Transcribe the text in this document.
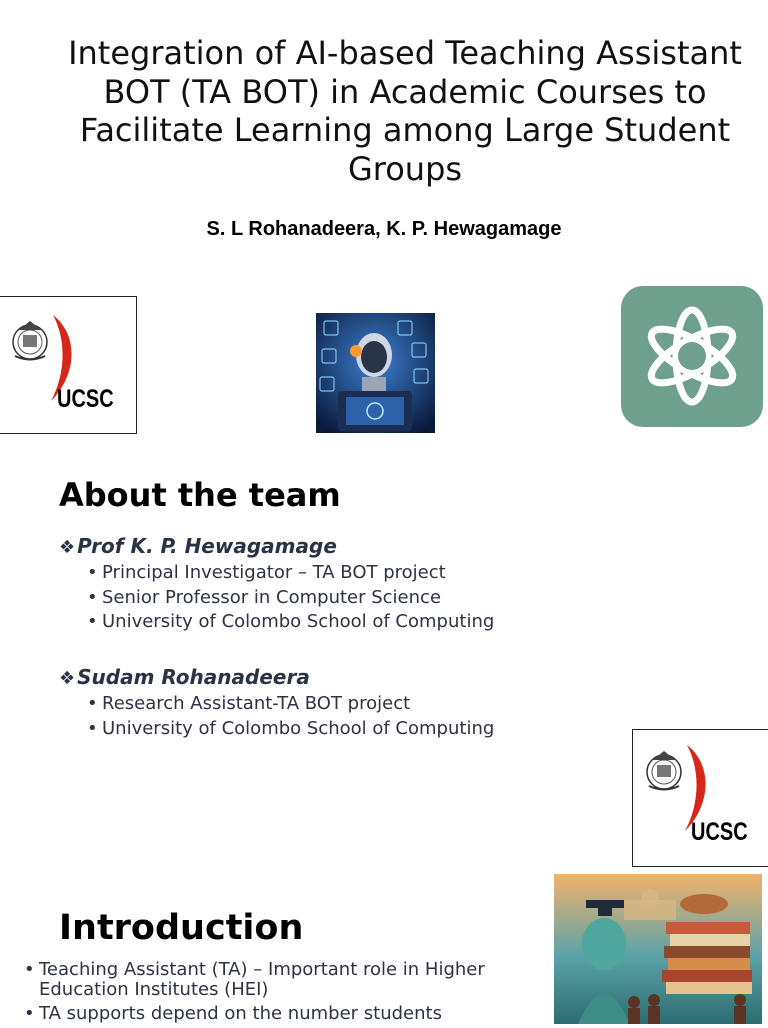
Integration of AI-based Teaching Assistant BOT (TA BOT) in Academic Courses to Facilitate Learning among Large Student Groups
S. L Rohanadeera, K. P. Hewagamage
UCSC
About the team
❖ Prof K. P. Hewagamage
• Principal Investigator – TA BOT project
• Senior Professor in Computer Science
• University of Colombo School of Computing
❖ Sudam Rohanadeera
• Research Assistant-TA BOT project
• University of Colombo School of Computing
UCSC
Introduction
• Teaching Assistant (TA) – Important role in Higher Education Institutes (HEI)
• TA supports depend on the number students
